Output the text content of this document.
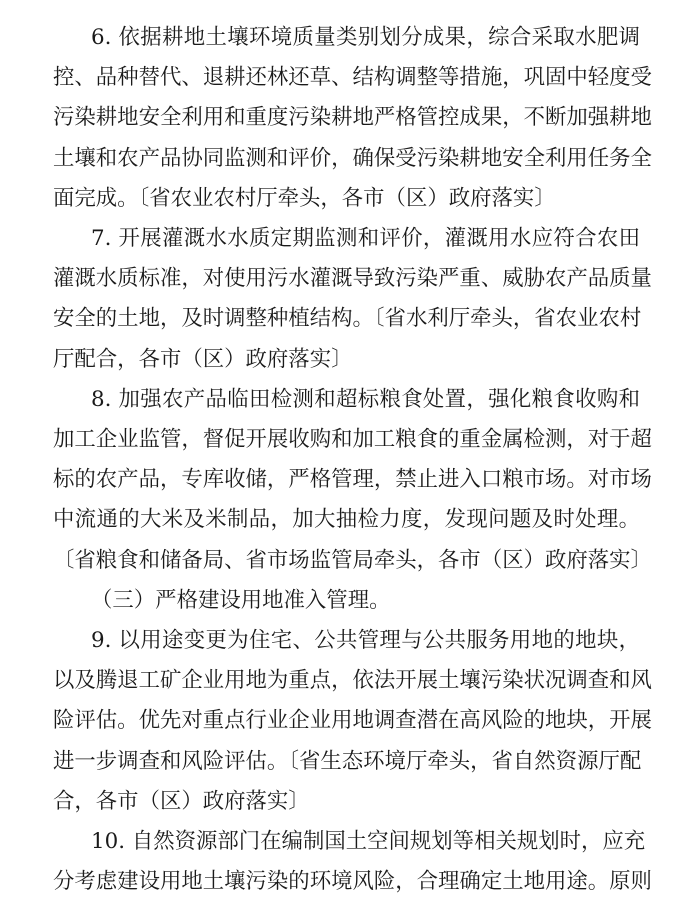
6. 依据耕地土壤环境质量类别划分成果，综合采取水肥调
控、品种替代、退耕还林还草、结构调整等措施，巩固中轻度受
污染耕地安全利用和重度污染耕地严格管控成果，不断加强耕地
土壤和农产品协同监测和评价，确保受污染耕地安全利用任务全
面完成。〔省农业农村厅牵头，各市（区）政府落实〕
7. 开展灌溉水水质定期监测和评价，灌溉用水应符合农田
灌溉水质标准，对使用污水灌溉导致污染严重、威胁农产品质量
安全的土地，及时调整种植结构。〔省水利厅牵头，省农业农村
厅配合，各市（区）政府落实〕
8. 加强农产品临田检测和超标粮食处置，强化粮食收购和
加工企业监管，督促开展收购和加工粮食的重金属检测，对于超
标的农产品，专库收储，严格管理，禁止进入口粮市场。对市场
中流通的大米及米制品，加大抽检力度，发现问题及时处理。
〔省粮食和储备局、省市场监管局牵头，各市（区）政府落实〕
（三）严格建设用地准入管理。
9. 以用途变更为住宅、公共管理与公共服务用地的地块，
以及腾退工矿企业用地为重点，依法开展土壤污染状况调查和风
险评估。优先对重点行业企业用地调查潜在高风险的地块，开展
进一步调查和风险评估。〔省生态环境厅牵头，省自然资源厅配
合，各市（区）政府落实〕
10. 自然资源部门在编制国土空间规划等相关规划时，应充
分考虑建设用地土壤污染的环境风险，合理确定土地用途。原则
